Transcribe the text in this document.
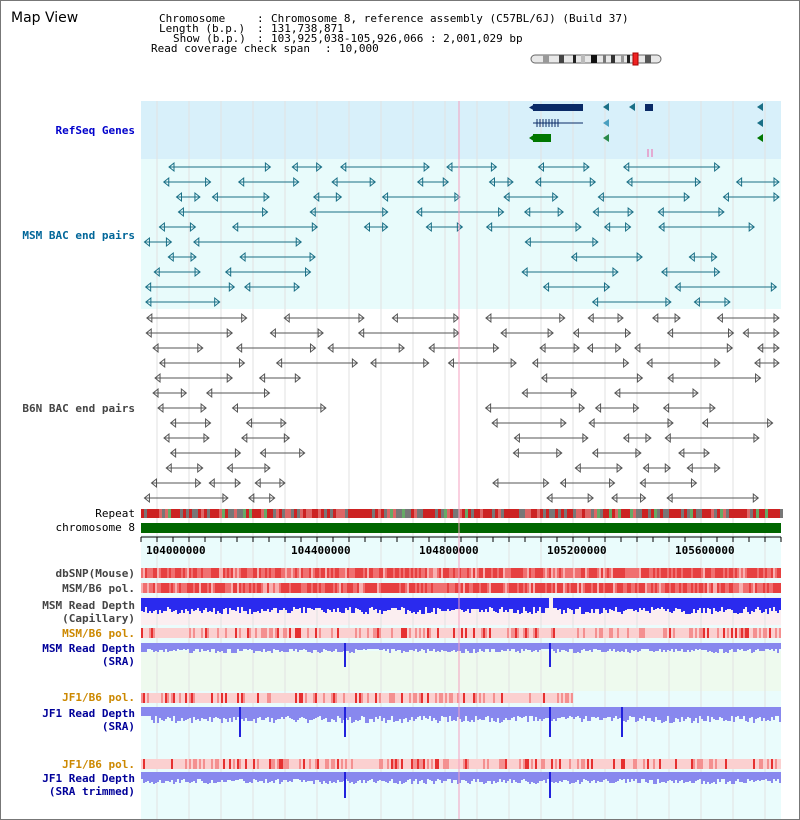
Map View	Chromosome	: Chromosome 8, reference assembly (C57BL/6J) (Build 37)
Length (b.p.) : 131,738,871
Show (b.p.) : 103,925,038-105,926,066 : 2,001,029 bp
Read coverage check span : 10,000
RefSeq Genes
MSM BAC end pairs
B6N BAC end pairs
Repeat
chromosome 8
dbSNP(Mouse)
MSM/B6 pol.
MSM Read Depth
(Capillary)
MSM/B6 pol.
MSM Read Depth
(SRA)
JF1/B6 pol.
JF1 Read Depth
(SRA)
JF1/B6 pol.
JF1 Read Depth
(SRA trimmed)
104000000	104400000	104800000	105200000	105600000
